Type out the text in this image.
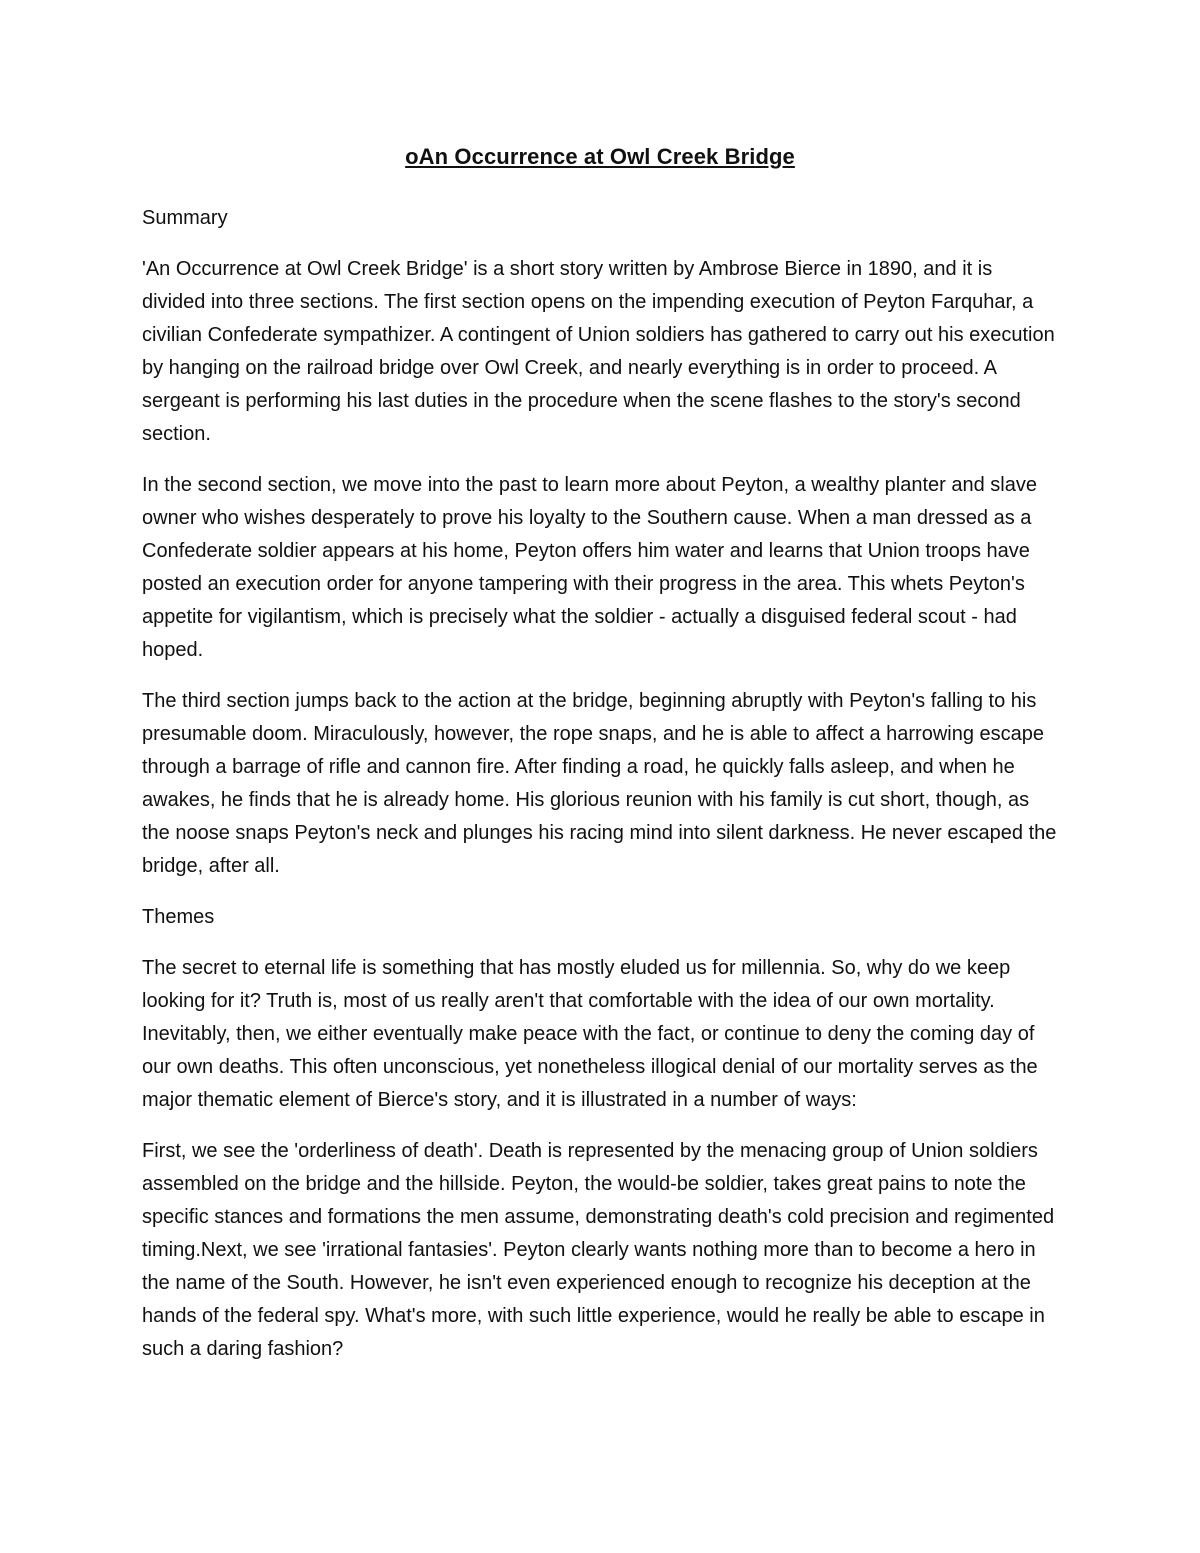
oAn Occurrence at Owl Creek Bridge
Summary

'An Occurrence at Owl Creek Bridge' is a short story written by Ambrose Bierce in 1890, and it is divided into three sections. The first section opens on the impending execution of Peyton Farquhar, a civilian Confederate sympathizer. A contingent of Union soldiers has gathered to carry out his execution by hanging on the railroad bridge over Owl Creek, and nearly everything is in order to proceed. A sergeant is performing his last duties in the procedure when the scene flashes to the story's second section.

In the second section, we move into the past to learn more about Peyton, a wealthy planter and slave owner who wishes desperately to prove his loyalty to the Southern cause. When a man dressed as a Confederate soldier appears at his home, Peyton offers him water and learns that Union troops have posted an execution order for anyone tampering with their progress in the area. This whets Peyton's appetite for vigilantism, which is precisely what the soldier - actually a disguised federal scout - had hoped.

The third section jumps back to the action at the bridge, beginning abruptly with Peyton's falling to his presumable doom. Miraculously, however, the rope snaps, and he is able to affect a harrowing escape through a barrage of rifle and cannon fire. After finding a road, he quickly falls asleep, and when he awakes, he finds that he is already home. His glorious reunion with his family is cut short, though, as the noose snaps Peyton's neck and plunges his racing mind into silent darkness. He never escaped the bridge, after all.

Themes

The secret to eternal life is something that has mostly eluded us for millennia. So, why do we keep looking for it? Truth is, most of us really aren't that comfortable with the idea of our own mortality. Inevitably, then, we either eventually make peace with the fact, or continue to deny the coming day of our own deaths. This often unconscious, yet nonetheless illogical denial of our mortality serves as the major thematic element of Bierce's story, and it is illustrated in a number of ways:

First, we see the 'orderliness of death'. Death is represented by the menacing group of Union soldiers assembled on the bridge and the hillside. Peyton, the would-be soldier, takes great pains to note the specific stances and formations the men assume, demonstrating death's cold precision and regimented timing.Next, we see 'irrational fantasies'. Peyton clearly wants nothing more than to become a hero in the name of the South. However, he isn't even experienced enough to recognize his deception at the hands of the federal spy. What's more, with such little experience, would he really be able to escape in such a daring fashion?
